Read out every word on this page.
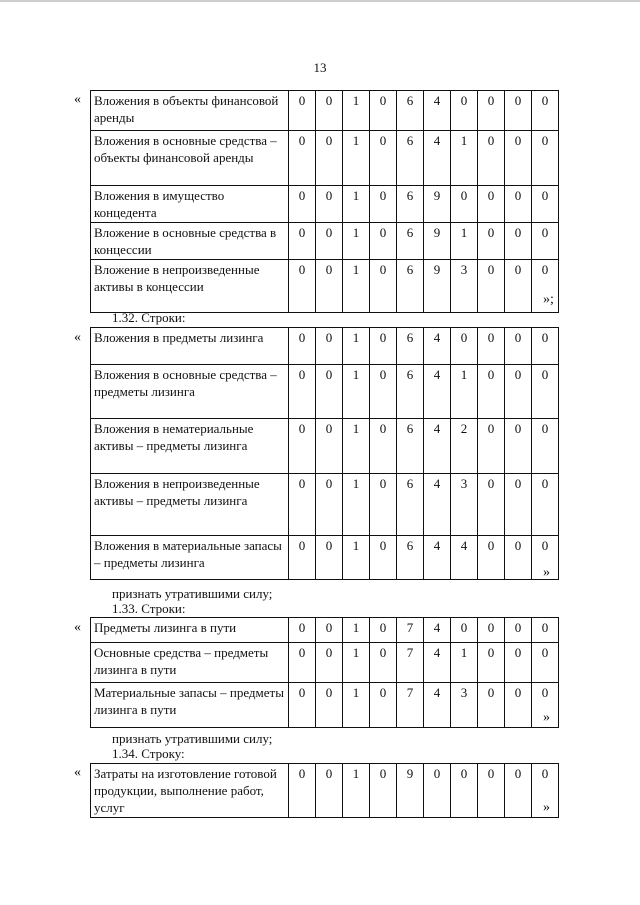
13
« Вложения в объекты финансовой аренды	0	0	1	0	6	4	0	0	0	0
Вложения в основные средства – объекты финансовой аренды	0	0	1	0	6	4	1	0	0	0
Вложения в имущество концедента	0	0	1	0	6	9	0	0	0	0
Вложение в основные средства в концессии	0	0	1	0	6	9	1	0	0	0
Вложение в непроизведенные активы в концессии	0	0	1	0	6	9	3	0	0	0
»;
1.32. Строки:
« Вложения в предметы лизинга	0	0	1	0	6	4	0	0	0	0
Вложения в основные средства – предметы лизинга	0	0	1	0	6	4	1	0	0	0
Вложения в нематериальные активы – предметы лизинга	0	0	1	0	6	4	2	0	0	0
Вложения в непроизведенные активы – предметы лизинга	0	0	1	0	6	4	3	0	0	0
Вложения в материальные запасы – предметы лизинга	0	0	1	0	6	4	4	0	0	0
»
признать утратившими силу;
1.33. Строки:
« Предметы лизинга в пути	0	0	1	0	7	4	0	0	0	0
Основные средства – предметы лизинга в пути	0	0	1	0	7	4	1	0	0	0
Материальные запасы – предметы лизинга в пути	0	0	1	0	7	4	3	0	0	0
»
признать утратившими силу;
1.34. Строку:
« Затраты на изготовление готовой продукции, выполнение работ, услуг	0	0	1	0	9	0	0	0	0	0
»
